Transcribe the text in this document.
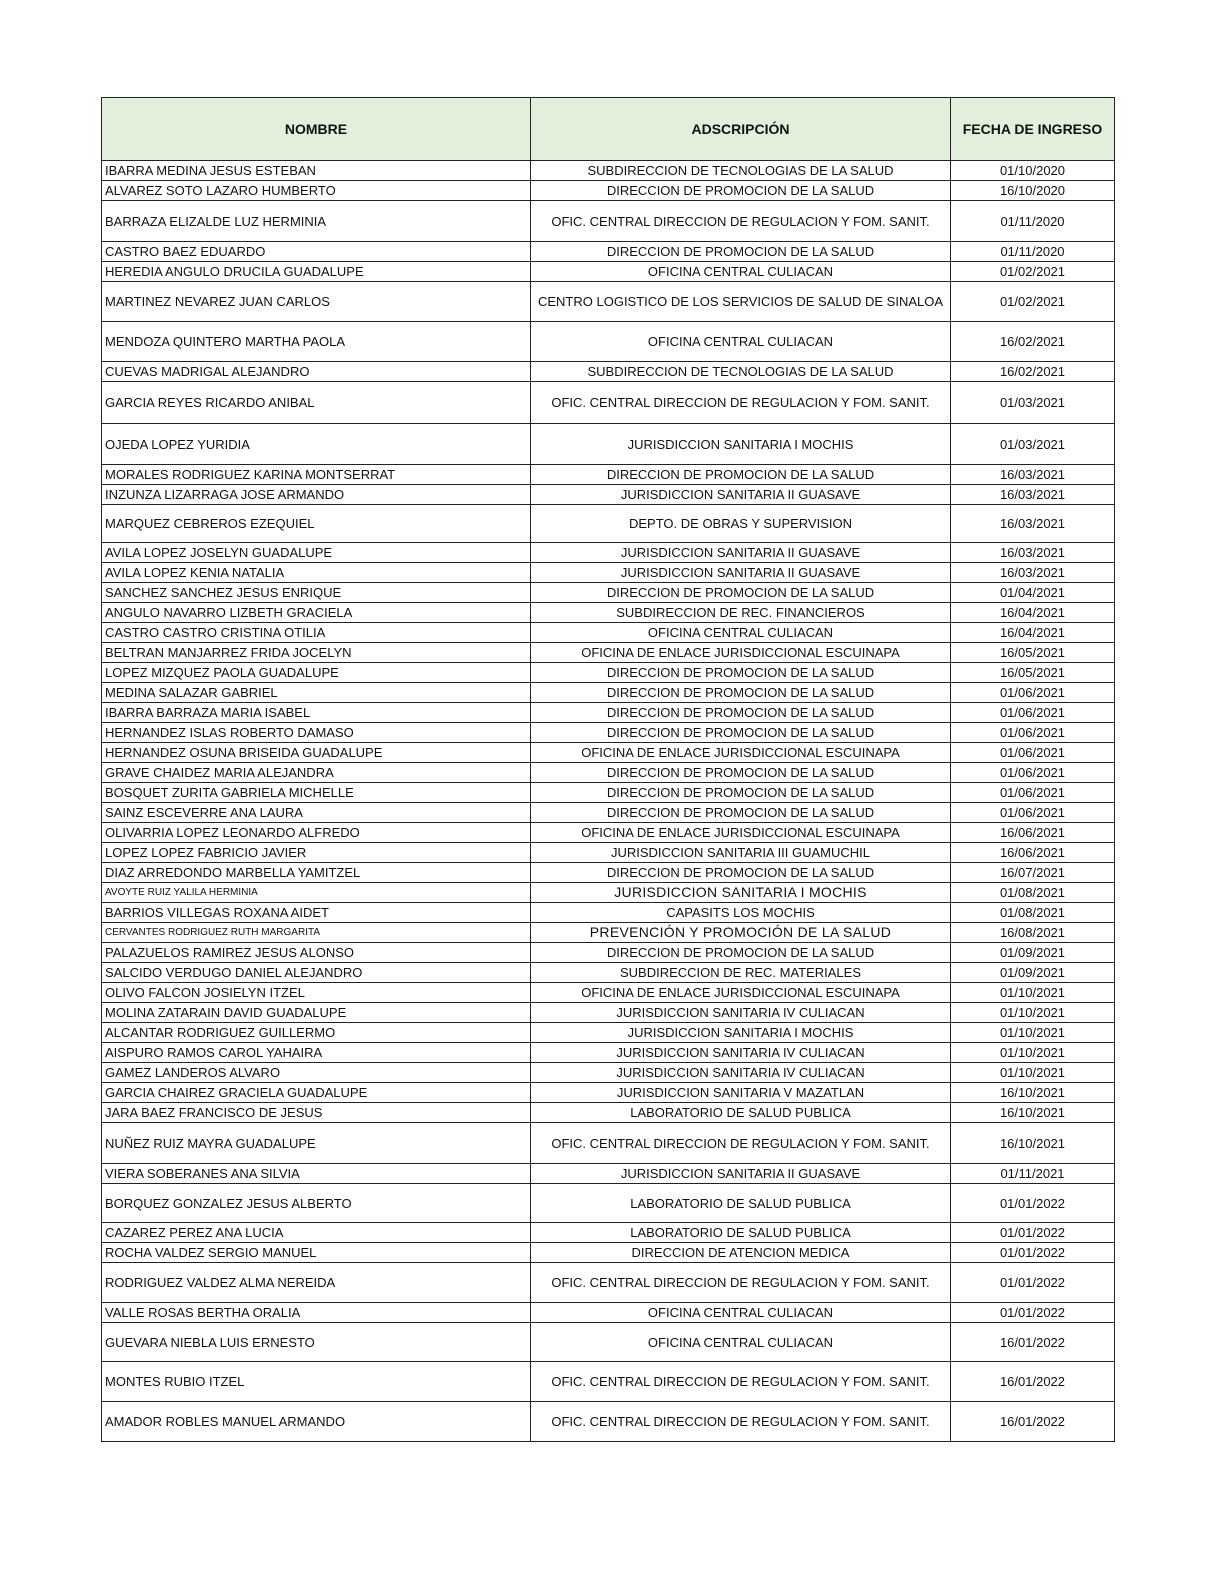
NOMBRE	ADSCRIPCIÓN	FECHA DE INGRESO
IBARRA MEDINA JESUS ESTEBAN	SUBDIRECCION DE TECNOLOGIAS DE LA SALUD	01/10/2020
ALVAREZ SOTO LAZARO HUMBERTO	DIRECCION DE PROMOCION DE LA SALUD	16/10/2020
BARRAZA ELIZALDE LUZ HERMINIA	OFIC. CENTRAL DIRECCION DE REGULACION Y FOM. SANIT.	01/11/2020
CASTRO BAEZ EDUARDO	DIRECCION DE PROMOCION DE LA SALUD	01/11/2020
HEREDIA ANGULO DRUCILA GUADALUPE	OFICINA CENTRAL CULIACAN	01/02/2021
MARTINEZ NEVAREZ JUAN CARLOS	CENTRO LOGISTICO DE LOS SERVICIOS DE SALUD DE SINALOA	01/02/2021
MENDOZA QUINTERO MARTHA PAOLA	OFICINA CENTRAL CULIACAN	16/02/2021
CUEVAS MADRIGAL ALEJANDRO	SUBDIRECCION DE TECNOLOGIAS DE LA SALUD	16/02/2021
GARCIA REYES RICARDO ANIBAL	OFIC. CENTRAL DIRECCION DE REGULACION Y FOM. SANIT.	01/03/2021
OJEDA LOPEZ YURIDIA	JURISDICCION SANITARIA I MOCHIS	01/03/2021
MORALES RODRIGUEZ KARINA MONTSERRAT	DIRECCION DE PROMOCION DE LA SALUD	16/03/2021
INZUNZA LIZARRAGA JOSE ARMANDO	JURISDICCION SANITARIA II GUASAVE	16/03/2021
MARQUEZ CEBREROS EZEQUIEL	DEPTO. DE OBRAS Y SUPERVISION	16/03/2021
AVILA LOPEZ JOSELYN GUADALUPE	JURISDICCION SANITARIA II GUASAVE	16/03/2021
AVILA LOPEZ KENIA NATALIA	JURISDICCION SANITARIA II GUASAVE	16/03/2021
SANCHEZ SANCHEZ JESUS ENRIQUE	DIRECCION DE PROMOCION DE LA SALUD	01/04/2021
ANGULO NAVARRO LIZBETH GRACIELA	SUBDIRECCION DE REC. FINANCIEROS	16/04/2021
CASTRO CASTRO CRISTINA OTILIA	OFICINA CENTRAL CULIACAN	16/04/2021
BELTRAN MANJARREZ FRIDA JOCELYN	OFICINA DE ENLACE JURISDICCIONAL ESCUINAPA	16/05/2021
LOPEZ MIZQUEZ PAOLA GUADALUPE	DIRECCION DE PROMOCION DE LA SALUD	16/05/2021
MEDINA SALAZAR GABRIEL	DIRECCION DE PROMOCION DE LA SALUD	01/06/2021
IBARRA BARRAZA MARIA ISABEL	DIRECCION DE PROMOCION DE LA SALUD	01/06/2021
HERNANDEZ ISLAS ROBERTO DAMASO	DIRECCION DE PROMOCION DE LA SALUD	01/06/2021
HERNANDEZ OSUNA BRISEIDA GUADALUPE	OFICINA DE ENLACE JURISDICCIONAL ESCUINAPA	01/06/2021
GRAVE CHAIDEZ MARIA ALEJANDRA	DIRECCION DE PROMOCION DE LA SALUD	01/06/2021
BOSQUET ZURITA GABRIELA MICHELLE	DIRECCION DE PROMOCION DE LA SALUD	01/06/2021
SAINZ ESCEVERRE ANA LAURA	DIRECCION DE PROMOCION DE LA SALUD	01/06/2021
OLIVARRIA LOPEZ LEONARDO ALFREDO	OFICINA DE ENLACE JURISDICCIONAL ESCUINAPA	16/06/2021
LOPEZ LOPEZ FABRICIO JAVIER	JURISDICCION SANITARIA III GUAMUCHIL	16/06/2021
DIAZ ARREDONDO MARBELLA YAMITZEL	DIRECCION DE PROMOCION DE LA SALUD	16/07/2021
AVOYTE RUIZ YALILA HERMINIA	JURISDICCION SANITARIA I MOCHIS	01/08/2021
BARRIOS VILLEGAS ROXANA AIDET	CAPASITS LOS MOCHIS	01/08/2021
CERVANTES RODRIGUEZ RUTH MARGARITA	PREVENCIÓN Y PROMOCIÓN DE LA SALUD	16/08/2021
PALAZUELOS RAMIREZ JESUS ALONSO	DIRECCION DE PROMOCION DE LA SALUD	01/09/2021
SALCIDO VERDUGO DANIEL ALEJANDRO	SUBDIRECCION DE REC. MATERIALES	01/09/2021
OLIVO FALCON JOSIELYN ITZEL	OFICINA DE ENLACE JURISDICCIONAL ESCUINAPA	01/10/2021
MOLINA ZATARAIN DAVID GUADALUPE	JURISDICCION SANITARIA IV CULIACAN	01/10/2021
ALCANTAR RODRIGUEZ GUILLERMO	JURISDICCION SANITARIA I MOCHIS	01/10/2021
AISPURO RAMOS CAROL YAHAIRA	JURISDICCION SANITARIA IV CULIACAN	01/10/2021
GAMEZ LANDEROS ALVARO	JURISDICCION SANITARIA IV CULIACAN	01/10/2021
GARCIA CHAIREZ GRACIELA GUADALUPE	JURISDICCION SANITARIA V MAZATLAN	16/10/2021
JARA BAEZ FRANCISCO DE JESUS	LABORATORIO DE SALUD PUBLICA	16/10/2021
NUÑEZ RUIZ MAYRA GUADALUPE	OFIC. CENTRAL DIRECCION DE REGULACION Y FOM. SANIT.	16/10/2021
VIERA SOBERANES ANA SILVIA	JURISDICCION SANITARIA II GUASAVE	01/11/2021
BORQUEZ GONZALEZ JESUS ALBERTO	LABORATORIO DE SALUD PUBLICA	01/01/2022
CAZAREZ PEREZ ANA LUCIA	LABORATORIO DE SALUD PUBLICA	01/01/2022
ROCHA VALDEZ SERGIO MANUEL	DIRECCION DE ATENCION MEDICA	01/01/2022
RODRIGUEZ VALDEZ ALMA NEREIDA	OFIC. CENTRAL DIRECCION DE REGULACION Y FOM. SANIT.	01/01/2022
VALLE ROSAS BERTHA ORALIA	OFICINA CENTRAL CULIACAN	01/01/2022
GUEVARA NIEBLA LUIS ERNESTO	OFICINA CENTRAL CULIACAN	16/01/2022
MONTES RUBIO ITZEL	OFIC. CENTRAL DIRECCION DE REGULACION Y FOM. SANIT.	16/01/2022
AMADOR ROBLES MANUEL ARMANDO	OFIC. CENTRAL DIRECCION DE REGULACION Y FOM. SANIT.	16/01/2022
